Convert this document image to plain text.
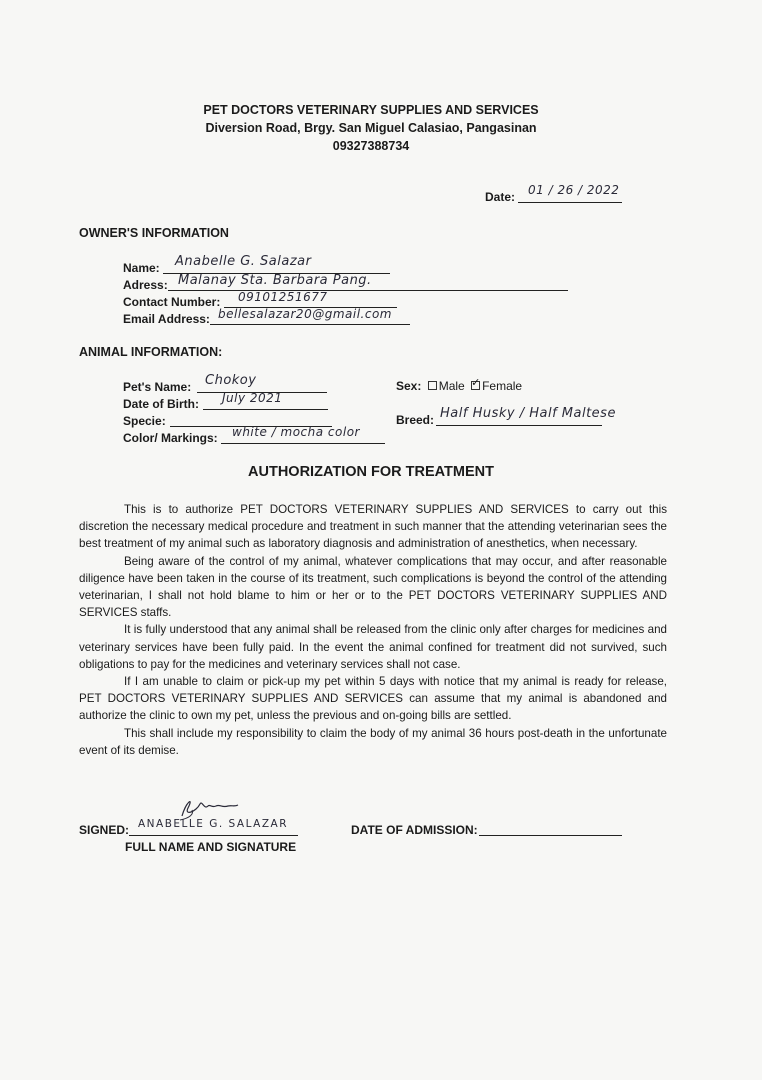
PET DOCTORS VETERINARY SUPPLIES AND SERVICES
Diversion Road, Brgy. San Miguel Calasiao, Pangasinan
09327388734
Date: 01 / 26 / 2022
OWNER'S INFORMATION
Name: Anabelle G. Salazar
Adress: Malanay Sta. Barbara Pang.
Contact Number: 09101251677
Email Address: bellesalazar20@gmail.com
ANIMAL INFORMATION:
Pet's Name: Chokoy
Date of Birth: July 2021
Specie:
Color/ Markings: white / mocha color
Sex: Male ✓ Female
Breed: Half Husky / Half Maltese
AUTHORIZATION FOR TREATMENT

This is to authorize PET DOCTORS VETERINARY SUPPLIES AND SERVICES to carry out this discretion the necessary medical procedure and treatment in such manner that the attending veterinarian sees the best treatment of my animal such as laboratory diagnosis and administration of anesthetics, when necessary.

Being aware of the control of my animal, whatever complications that may occur, and after reasonable diligence have been taken in the course of its treatment, such complications is beyond the control of the attending veterinarian, I shall not hold blame to him or her or to the PET DOCTORS VETERINARY SUPPLIES AND SERVICES staffs.

It is fully understood that any animal shall be released from the clinic only after charges for medicines and veterinary services have been fully paid. In the event the animal confined for treatment did not survived, such obligations to pay for the medicines and veterinary services shall not case.

If I am unable to claim or pick-up my pet within 5 days with notice that my animal is ready for release, PET DOCTORS VETERINARY SUPPLIES AND SERVICES can assume that my animal is abandoned and authorize the clinic to own my pet, unless the previous and on-going bills are settled.

This shall include my responsibility to claim the body of my animal 36 hours post-death in the unfortunate event of its demise.

SIGNED: ANABELLE G. SALAZAR
FULL NAME AND SIGNATURE
DATE OF ADMISSION:
